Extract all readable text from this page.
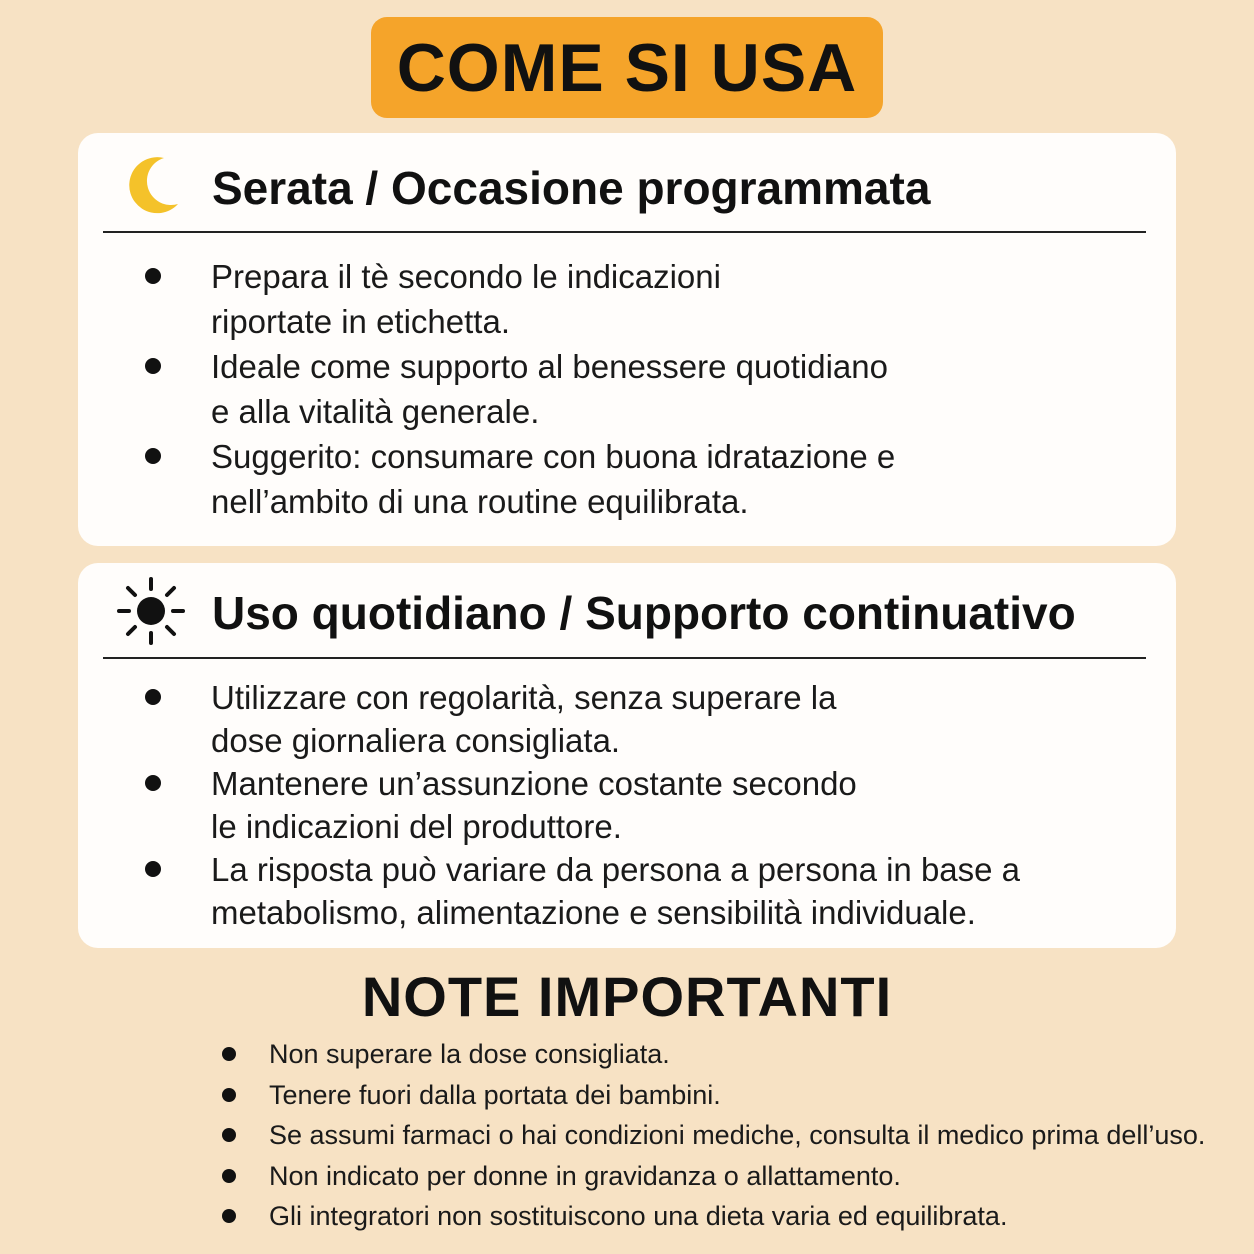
COME SI USA
Serata / Occasione programmata
Prepara il tè secondo le indicazioni
riportate in etichetta.
Ideale come supporto al benessere quotidiano
e alla vitalità generale.
Suggerito: consumare con buona idratazione e
nell’ambito di una routine equilibrata.
Uso quotidiano / Supporto continuativo
Utilizzare con regolarità, senza superare la
dose giornaliera consigliata.
Mantenere un’assunzione costante secondo
le indicazioni del produttore.
La risposta può variare da persona a persona in base a
metabolismo, alimentazione e sensibilità individuale.
NOTE IMPORTANTI
Non superare la dose consigliata.
Tenere fuori dalla portata dei bambini.
Se assumi farmaci o hai condizioni mediche, consulta il medico prima dell’uso.
Non indicato per donne in gravidanza o allattamento.
Gli integratori non sostituiscono una dieta varia ed equilibrata.
